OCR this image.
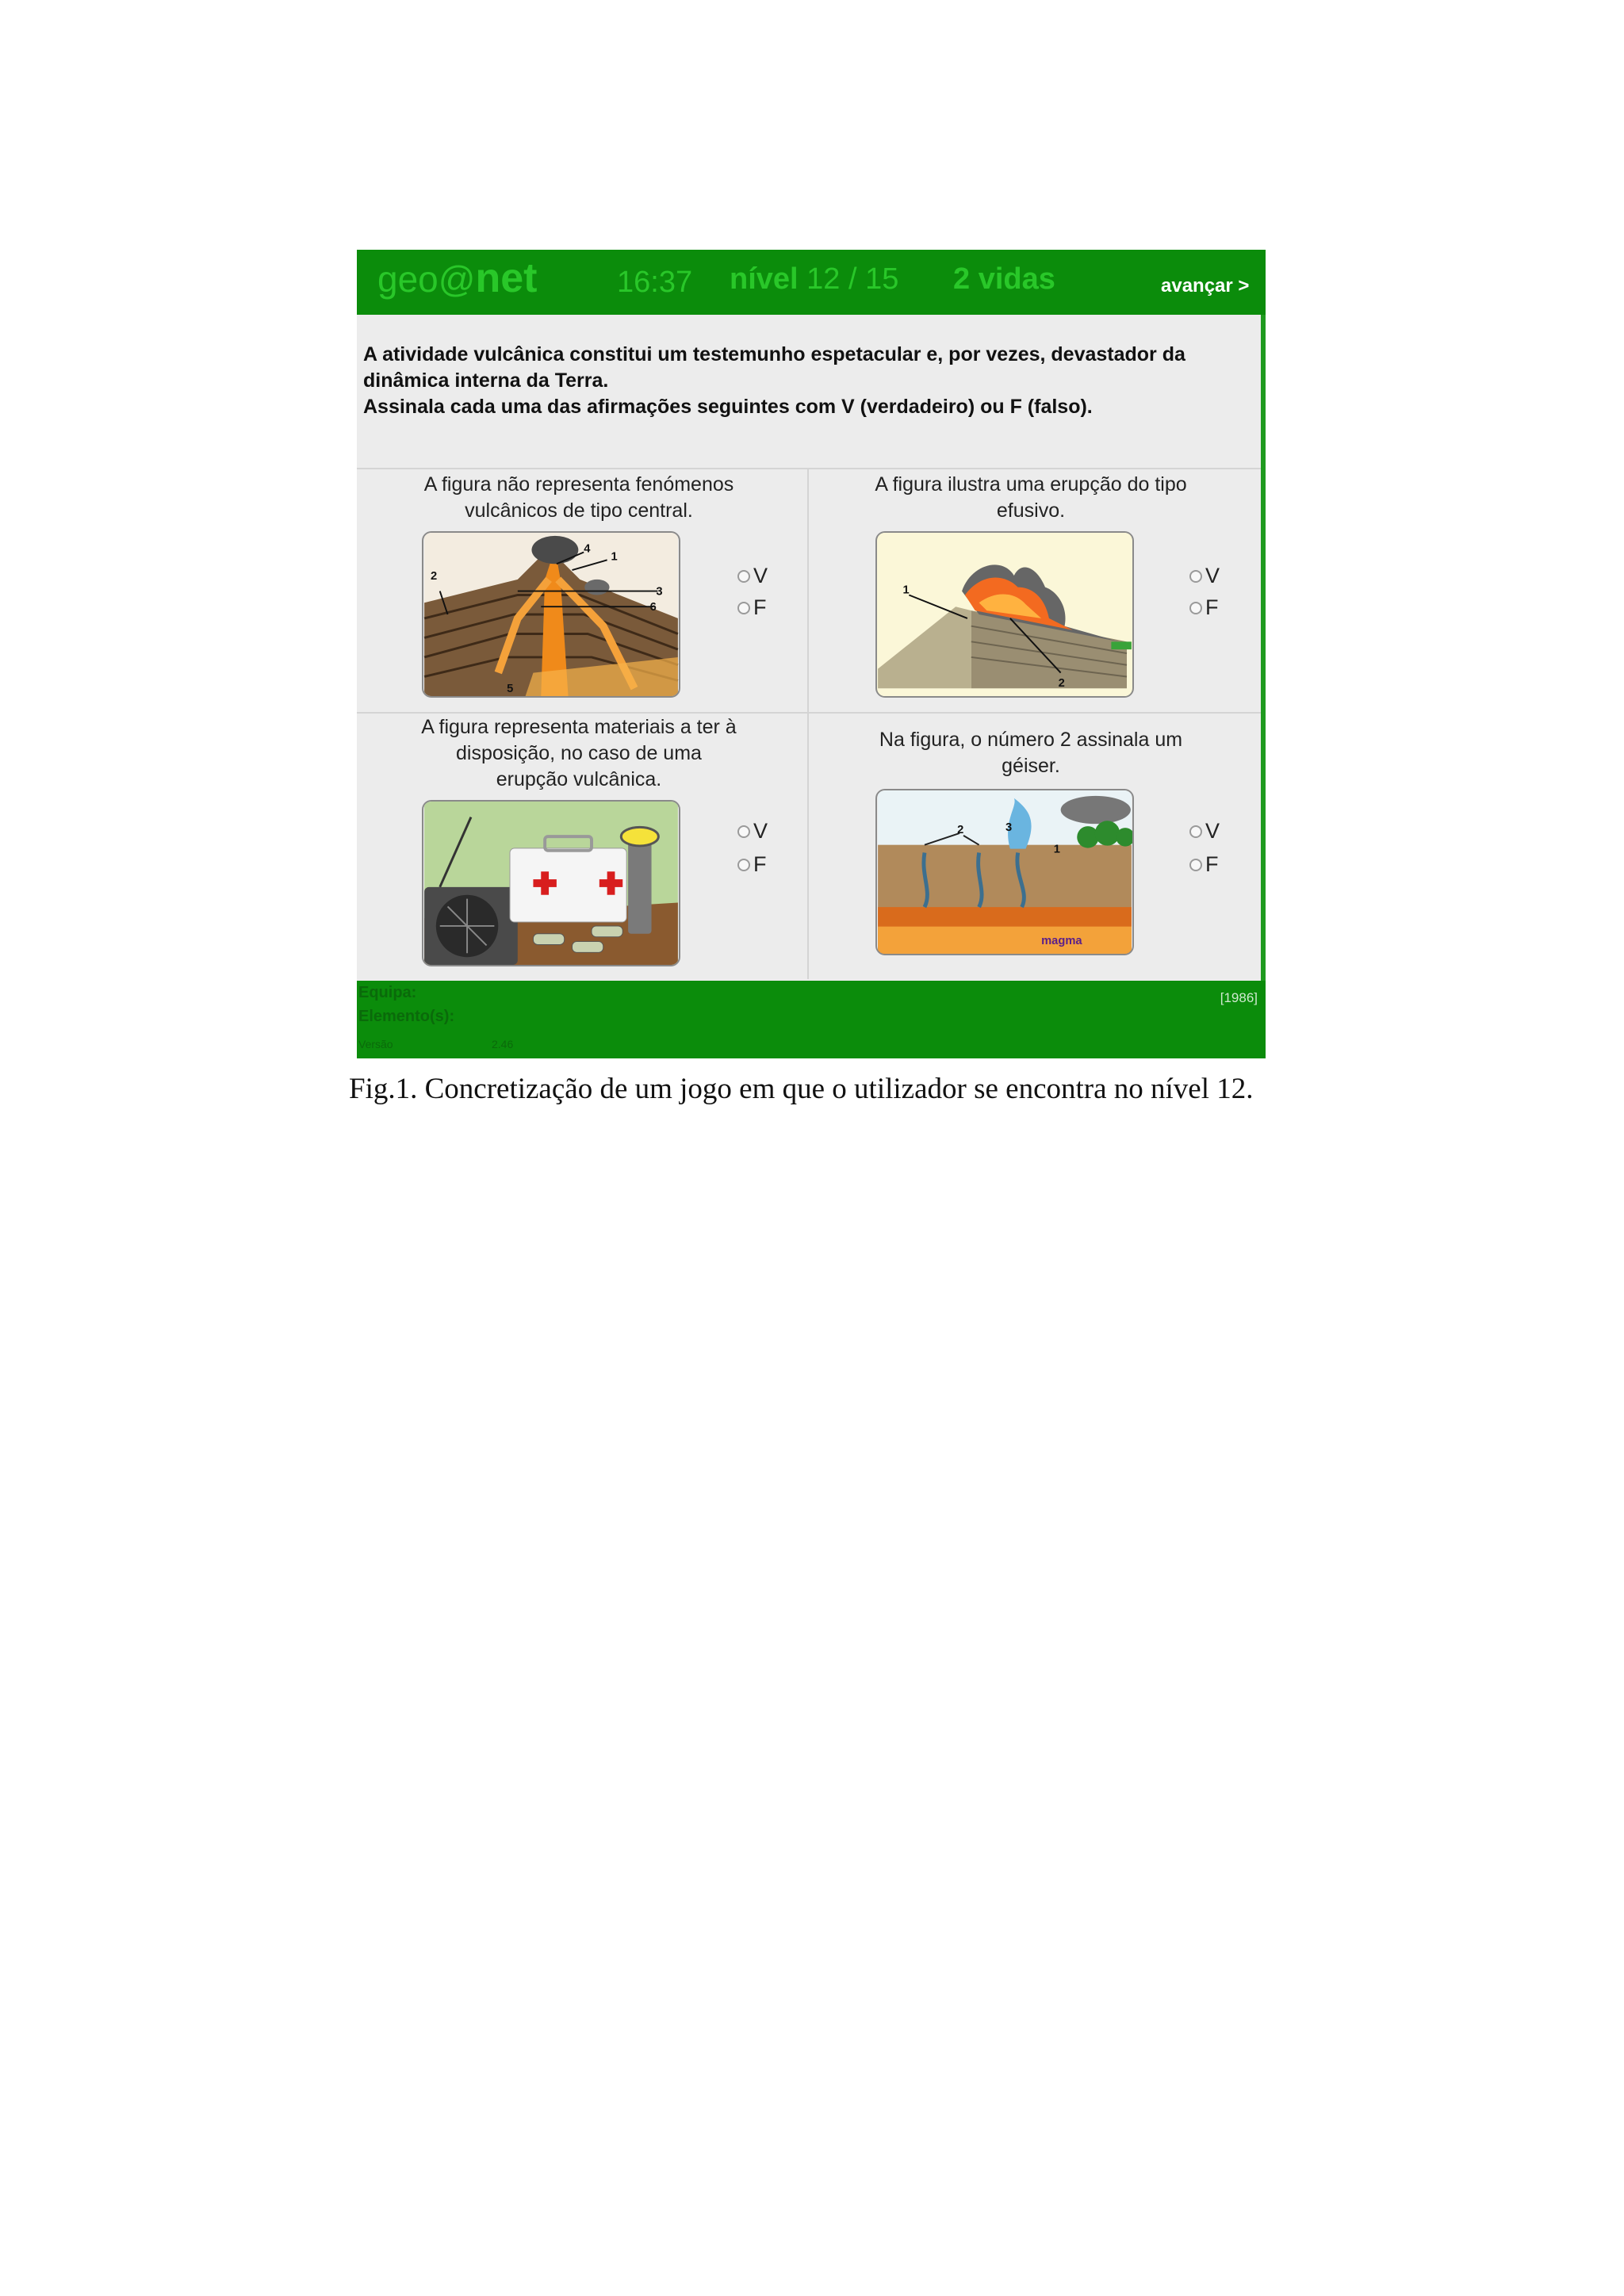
geo@net	16:37 nível 12 / 15 2 vidas	avançar >
A atividade vulcânica constitui um testemunho espetacular e, por vezes, devastador da
dinâmica interna da Terra.
Assinala cada uma das afirmações seguintes com V (verdadeiro) ou F (falso).
A figura não representa fenómenos
vulcânicos de tipo central.
2
4
1
3
6
5
V
F
A figura ilustra uma erupção do tipo
efusivo.
1
2
V
F
A figura representa materiais a ter à
disposição, no caso de uma
erupção vulcânica.
V
F
Na figura, o número 2 assinala um
géiser.
2	3
1
magma
V
F
Equipa:
Elemento(s):
Versão	2.46
[1986]
Fig.1. Concretização de um jogo em que o utilizador se encontra no nível 12.
